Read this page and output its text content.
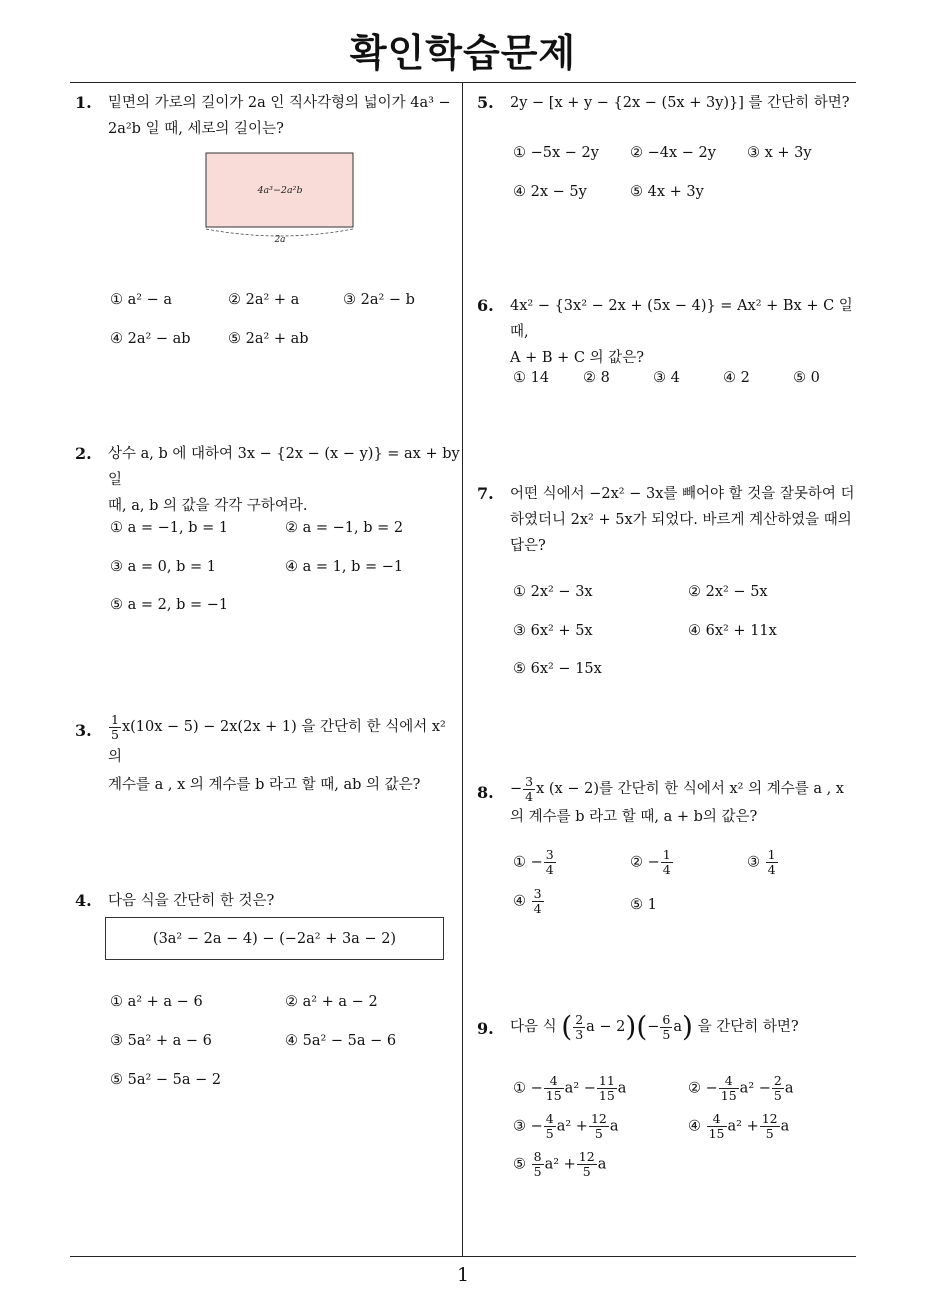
확인학습문제
1
1.	밑면의 가로의 길이가 2a 인 직사각형의 넓이가 4a³ −
2a²b 일 때, 세로의 길이는?
4a³−2a²b
2a
① a² − a	② 2a² + a	③ 2a² − b
④ 2a² − ab	⑤ 2a² + ab
2.	상수 a, b 에 대하여 3x − {2x − (x − y)} = ax + by 일
때, a, b 의 값을 각각 구하여라.
① a = −1, b = 1	② a = −1, b = 2
③ a = 0, b = 1	④ a = 1, b = −1
⑤ a = 2, b = −1
3. $\frac{1}{5} x(10x - 5) - 2x(2x + 1)$ 을 간단히 한 식에서 x² 의
계수를 a , x 의 계수를 b 라고 할 때, ab 의 값은?
4.	다음 식을 간단히 한 것은?
(3a² − 2a − 4) − (−2a² + 3a − 2)
① a² + a − 6	② a² + a − 2
③ 5a² + a − 6	④ 5a² − 5a − 6
⑤ 5a² − 5a − 2
5.	2y − [x + y − {2x − (5x + 3y)}] 를 간단히 하면?
① −5x − 2y ② −4x − 2y ③ x + 3y
④ 2x − 5y	⑤ 4x + 3y
6.	4x² − {3x² − 2x + (5x − 4)} = Ax² + Bx + C 일 때,
A + B + C 의 값은?
① 14 ② 8	③ 4	④ 2	⑤ 0
7.	어떤 식에서 −2x² − 3x를 빼어야 할 것을 잘못하여 더
하였더니 2x² + 5x가 되었다. 바르게 계산하였을 때의
답은?
① 2x² − 3x	② 2x² − 5x
③ 6x² + 5x	④ 6x² + 11x
⑤ 6x² − 15x
8.	− $\frac{3}{4}$ x (x − 2)를 간단히 한 식에서 x² 의 계수를 a , x
의 계수를 b 라고 할 때, a + b의 값은?
① − $\frac{3}{4}$	② − $\frac{1}{4}$	③ $\frac{1}{4}$
④ $\frac{3}{4}$	⑤ 1
9.	다음 식 ( $\frac{2}{3}$ $a - 2)(- \frac{6}{5} a)$ 을 간단히 하면?
① − $\frac{4}{15} a^2 - \frac{11}{15}$ a	② − $\frac{4}{15} a^2 - \frac{2}{5}$ a
③ − $\frac{4}{5} a^2 + \frac{12}{5}$ a	④ $\frac{4}{15} a^2 + \frac{12}{5}$ a
⑤ $\frac{8}{5} a^2 + \frac{12}{5}$ a
